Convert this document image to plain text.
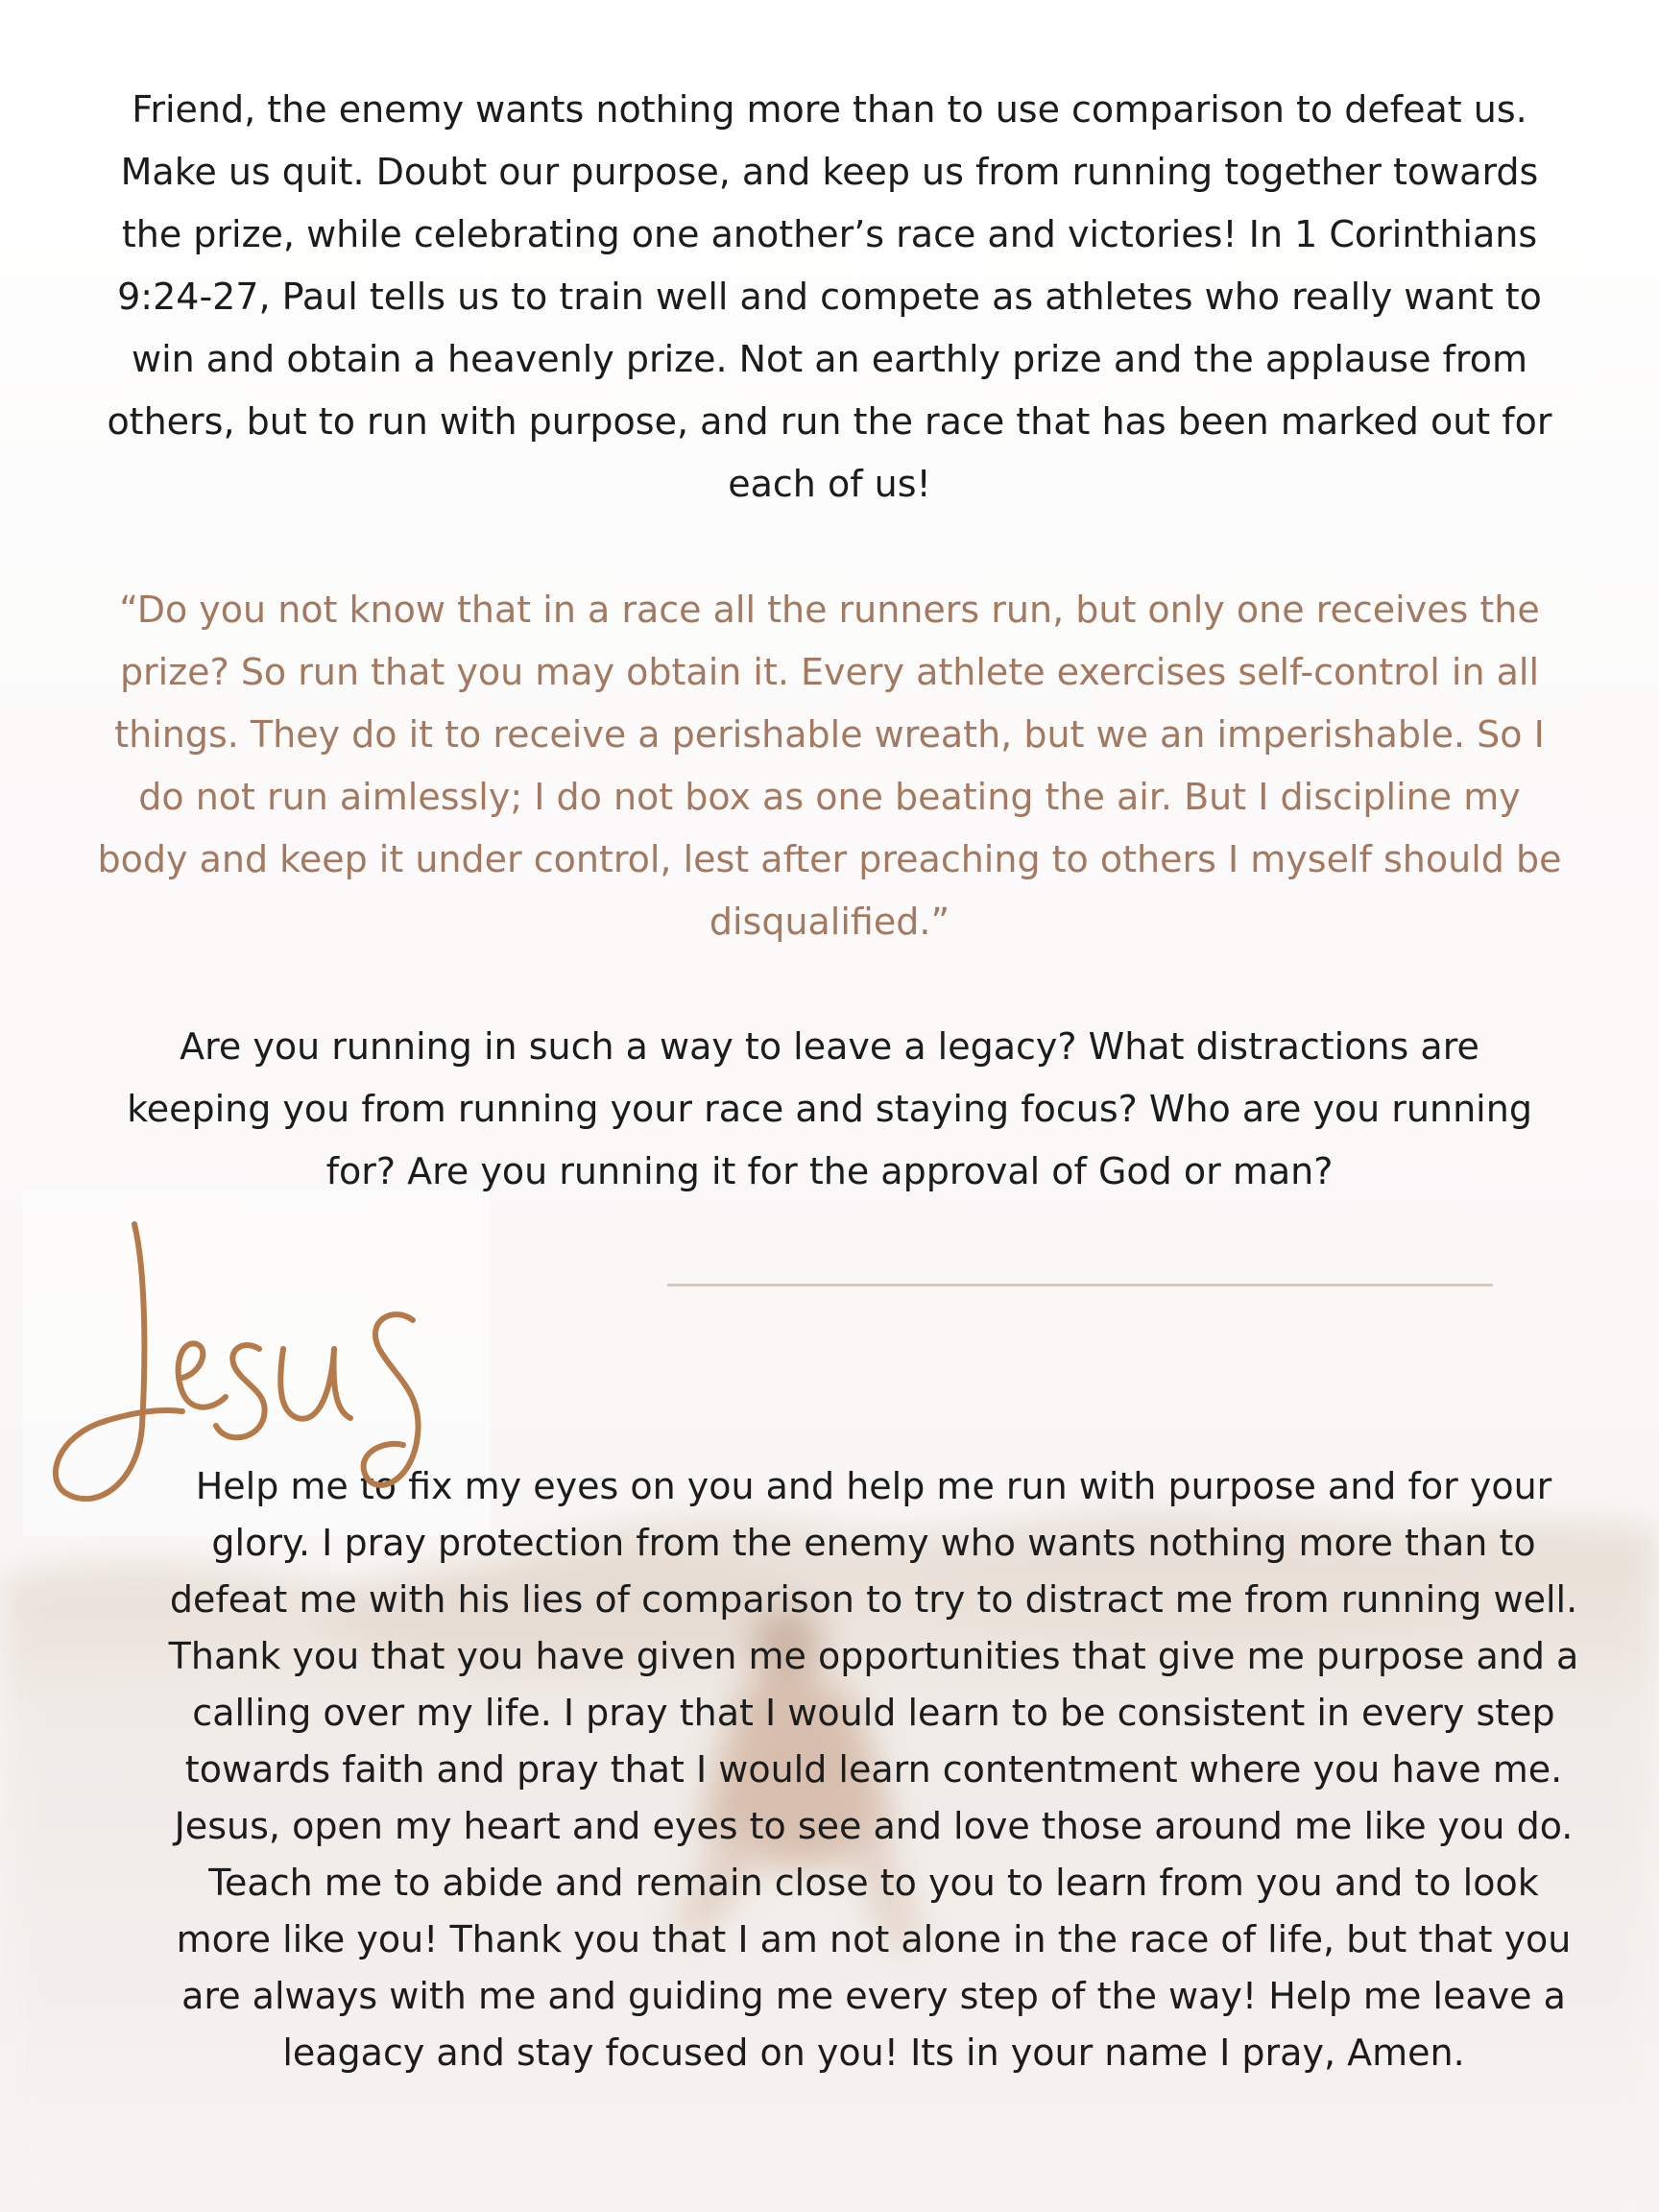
Friend, the enemy wants nothing more than to use comparison to defeat us. Make us quit. Doubt our purpose, and keep us from running together towards the prize, while celebrating one another’s race and victories! In 1 Corinthians 9:24-27, Paul tells us to train well and compete as athletes who really want to win and obtain a heavenly prize. Not an earthly prize and the applause from others, but to run with purpose, and run the race that has been marked out for each of us!

“Do you not know that in a race all the runners run, but only one receives the prize? So run that you may obtain it. Every athlete exercises self-control in all things. They do it to receive a perishable wreath, but we an imperishable. So I do not run aimlessly; I do not box as one beating the air. But I discipline my body and keep it under control, lest after preaching to others I myself should be disqualified.”

Are you running in such a way to leave a legacy? What distractions are keeping you from running your race and staying focus? Who are you running for? Are you running it for the approval of God or man?

Help me to fix my eyes on you and help me run with purpose and for your glory. I pray protection from the enemy who wants nothing more than to defeat me with his lies of comparison to try to distract me from running well. Thank you that you have given me opportunities that give me purpose and a calling over my life. I pray that I would learn to be consistent in every step towards faith and pray that I would learn contentment where you have me. Jesus, open my heart and eyes to see and love those around me like you do. Teach me to abide and remain close to you to learn from you and to look more like you! Thank you that I am not alone in the race of life, but that you are always with me and guiding me every step of the way! Help me leave a leagacy and stay focused on you! Its in your name I pray, Amen.
